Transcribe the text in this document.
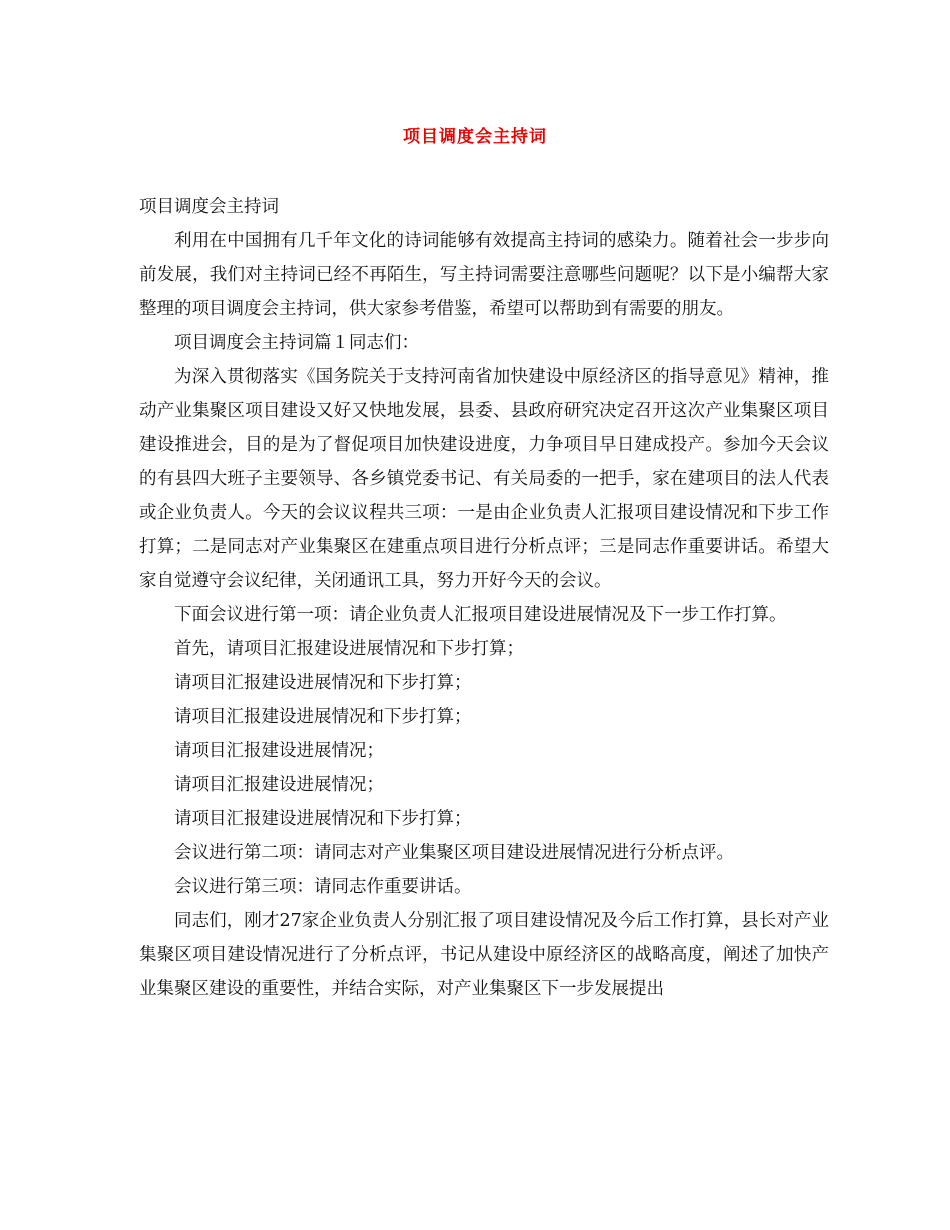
项目调度会主持词

项目调度会主持词

利用在中国拥有几千年文化的诗词能够有效提高主持词的感染力。随着社会一步步向前发展，我们对主持词已经不再陌生，写主持词需要注意哪些问题呢？以下是小编帮大家整理的项目调度会主持词，供大家参考借鉴，希望可以帮助到有需要的朋友。

项目调度会主持词篇１同志们：

为深入贯彻落实《国务院关于支持河南省加快建设中原经济区的指导意见》精神，推动产业集聚区项目建设又好又快地发展，县委、县政府研究决定召开这次产业集聚区项目建设推进会，目的是为了督促项目加快建设进度，力争项目早日建成投产。参加今天会议的有县四大班子主要领导、各乡镇党委书记、有关局委的一把手，家在建项目的法人代表或企业负责人。今天的会议议程共三项：一是由企业负责人汇报项目建设情况和下步工作打算；二是同志对产业集聚区在建重点项目进行分析点评；三是同志作重要讲话。希望大家自觉遵守会议纪律，关闭通讯工具，努力开好今天的会议。

下面会议进行第一项：请企业负责人汇报项目建设进展情况及下一步工作打算。

首先，请项目汇报建设进展情况和下步打算；

请项目汇报建设进展情况和下步打算；

请项目汇报建设进展情况和下步打算；

请项目汇报建设进展情况；

请项目汇报建设进展情况；

请项目汇报建设进展情况和下步打算；

会议进行第二项：请同志对产业集聚区项目建设进展情况进行分析点评。

会议进行第三项：请同志作重要讲话。

同志们，刚才27家企业负责人分别汇报了项目建设情况及今后工作打算，县长对产业集聚区项目建设情况进行了分析点评，书记从建设中原经济区的战略高度，阐述了加快产业集聚区建设的重要性，并结合实际，对产业集聚区下一步发展提出
